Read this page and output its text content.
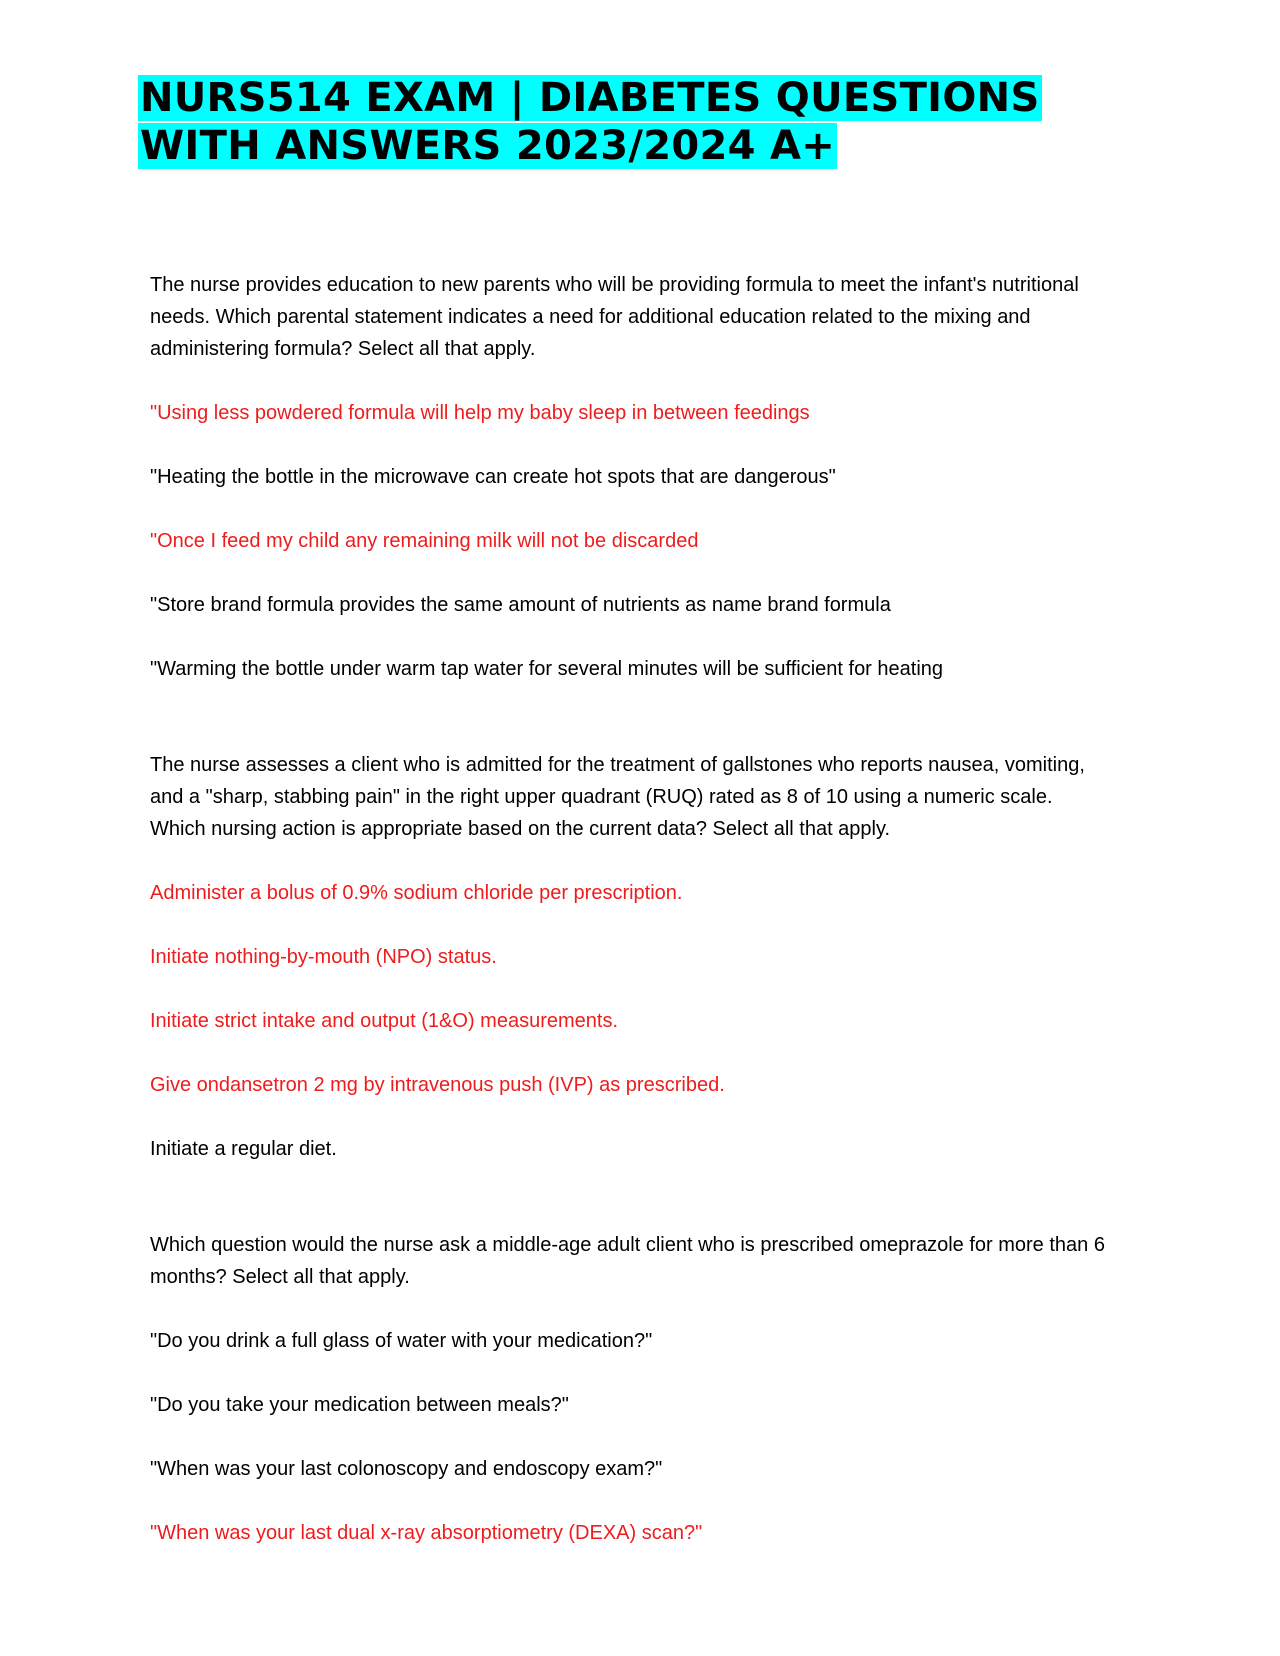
NURS514 EXAM | DIABETES QUESTIONS
WITH ANSWERS 2023/2024 A+

The nurse provides education to new parents who will be providing formula to meet the infant's nutritional needs. Which parental statement indicates a need for additional education related to the mixing and administering formula? Select all that apply.

"Using less powdered formula will help my baby sleep in between feedings

"Heating the bottle in the microwave can create hot spots that are dangerous"

"Once I feed my child any remaining milk will not be discarded

"Store brand formula provides the same amount of nutrients as name brand formula

"Warming the bottle under warm tap water for several minutes will be sufficient for heating

The nurse assesses a client who is admitted for the treatment of gallstones who reports nausea, vomiting, and a "sharp, stabbing pain" in the right upper quadrant (RUQ) rated as 8 of 10 using a numeric scale. Which nursing action is appropriate based on the current data? Select all that apply.

Administer a bolus of 0.9% sodium chloride per prescription.

Initiate nothing-by-mouth (NPO) status.

Initiate strict intake and output (1&O) measurements.

Give ondansetron 2 mg by intravenous push (IVP) as prescribed.

Initiate a regular diet.

Which question would the nurse ask a middle-age adult client who is prescribed omeprazole for more than 6 months? Select all that apply.

"Do you drink a full glass of water with your medication?"

"Do you take your medication between meals?"

"When was your last colonoscopy and endoscopy exam?"

"When was your last dual x-ray absorptiometry (DEXA) scan?"
